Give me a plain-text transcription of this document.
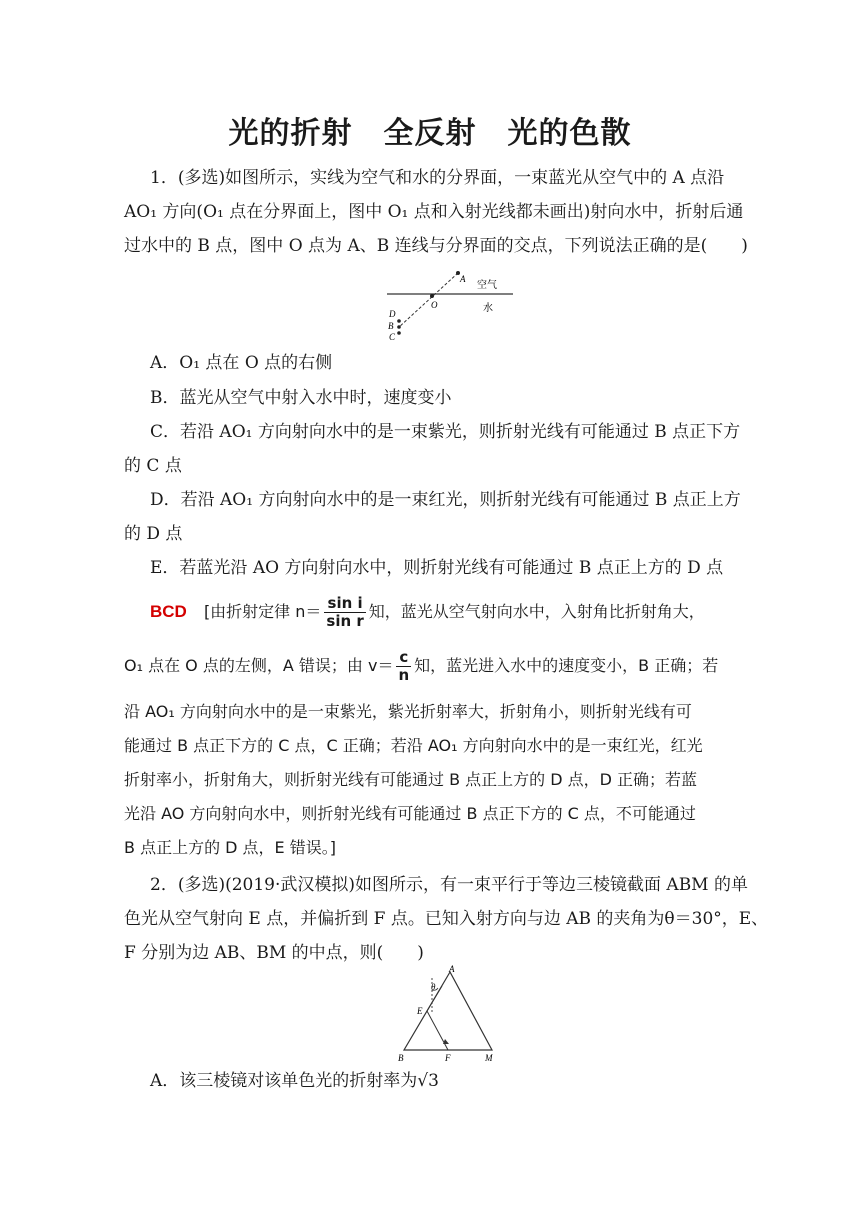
光的折射　全反射　光的色散
1．(多选)如图所示，实线为空气和水的分界面，一束蓝光从空气中的 A 点沿
AO₁ 方向(O₁ 点在分界面上，图中 O₁ 点和入射光线都未画出)射向水中，折射后通
过水中的 B 点，图中 O 点为 A、B 连线与分界面的交点，下列说法正确的是(　　)
A
O
D
B
C
空气
水
A．O₁ 点在 O 点的右侧
B．蓝光从空气中射入水中时，速度变小
C．若沿 AO₁ 方向射向水中的是一束紫光，则折射光线有可能通过 B 点正下方
的 C 点
D．若沿 AO₁ 方向射向水中的是一束红光，则折射光线有可能通过 B 点正上方
的 D 点
E．若蓝光沿 AO 方向射向水中，则折射光线有可能通过 B 点正上方的 D 点
BCD [由折射定律 $n= \frac{\text{sin i}}{\text{sin r}}$ 知，蓝光从空气射向水中，入射角比折射角大，
O₁ 点在 O 点的左侧，A 错误；由 $v= \frac{c}{n}$ 知，蓝光进入水中的速度变小，B 正确；若
沿 AO₁ 方向射向水中的是一束紫光，紫光折射率大，折射角小，则折射光线有可
能通过 B 点正下方的 C 点，C 正确；若沿 AO₁ 方向射向水中的是一束红光，红光
折射率小，折射角大，则折射光线有可能通过 B 点正上方的 D 点，D 正确；若蓝
光沿 AO 方向射向水中，则折射光线有可能通过 B 点正下方的 C 点，不可能通过
B 点正上方的 D 点，E 错误。]
2．(多选)(2019·武汉模拟)如图所示，有一束平行于等边三棱镜截面 ABM 的单
色光从空气射向 E 点，并偏折到 F 点。已知入射方向与边 AB 的夹角为θ＝30°，E、
F 分别为边 AB、BM 的中点，则(　　)
A
θ
E
B	F	M
A．该三棱镜对该单色光的折射率为√3
